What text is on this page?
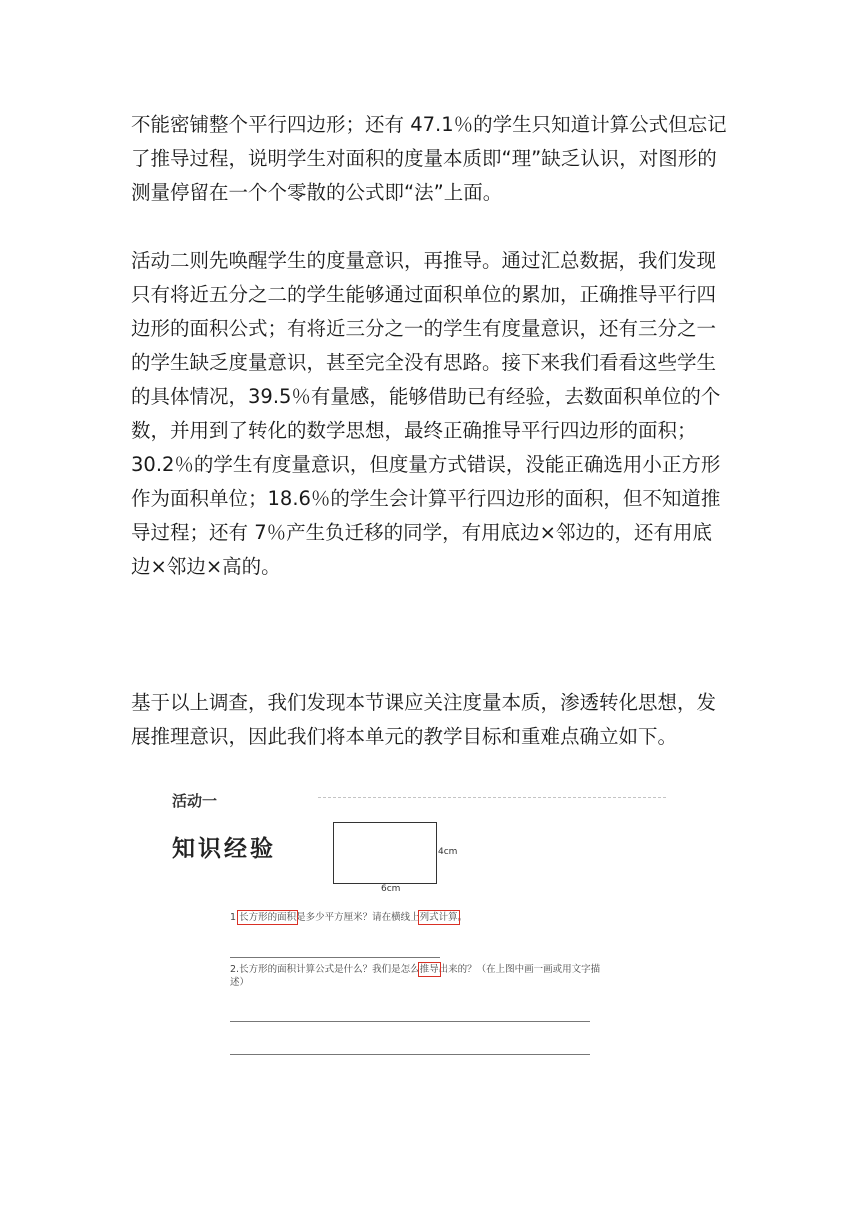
不能密铺整个平行四边形；还有 47.1％的学生只知道计算公式但忘记
了推导过程，说明学生对面积的度量本质即“理”缺乏认识，对图形的
测量停留在一个个零散的公式即“法”上面。
活动二则先唤醒学生的度量意识，再推导。通过汇总数据，我们发现
只有将近五分之二的学生能够通过面积单位的累加，正确推导平行四
边形的面积公式；有将近三分之一的学生有度量意识，还有三分之一
的学生缺乏度量意识，甚至完全没有思路。接下来我们看看这些学生
的具体情况，39.5％有量感，能够借助已有经验，去数面积单位的个
数，并用到了转化的数学思想，最终正确推导平行四边形的面积；
30.2％的学生有度量意识，但度量方式错误，没能正确选用小正方形
作为面积单位；18.6％的学生会计算平行四边形的面积，但不知道推
导过程；还有 7％产生负迁移的同学，有用底边×邻边的，还有用底
边×邻边×高的。
基于以上调查，我们发现本节课应关注度量本质，渗透转化思想，发
展推理意识，因此我们将本单元的教学目标和重难点确立如下。
活动一
知识经验	4cm
6cm
1.长方形的面积是多少平方厘米？请在横线上列式计算。
2.长方形的面积计算公式是什么？我们是怎么推导出来的？（在上图中画一画或用文字描
述）
